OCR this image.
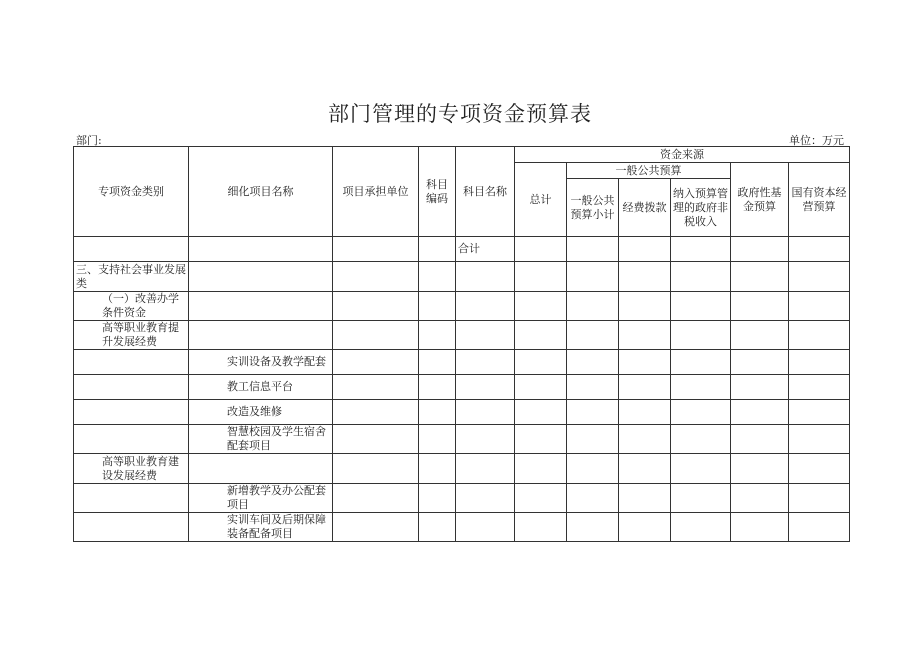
部门管理的专项资金预算表
部门:	单位：万元
专项资金类别	细化项目名称	项目承担单位	科目编码	科目名称	资金来源					
					总计	一般公共预算			政府性基金预算	国有资本经营预算
						一般公共预算小计	经费拨款	纳入预算管理的政府非税收入		
				合计						
三、支持社会事业发展类										
（一）改善办学条件资金										
高等职业教育提升发展经费										
	实训设备及教学配套									
	教工信息平台									
	改造及维修									
	智慧校园及学生宿舍配套项目									
高等职业教育建设发展经费										
	新增教学及办公配套项目									
	实训车间及后期保障装备配备项目									
